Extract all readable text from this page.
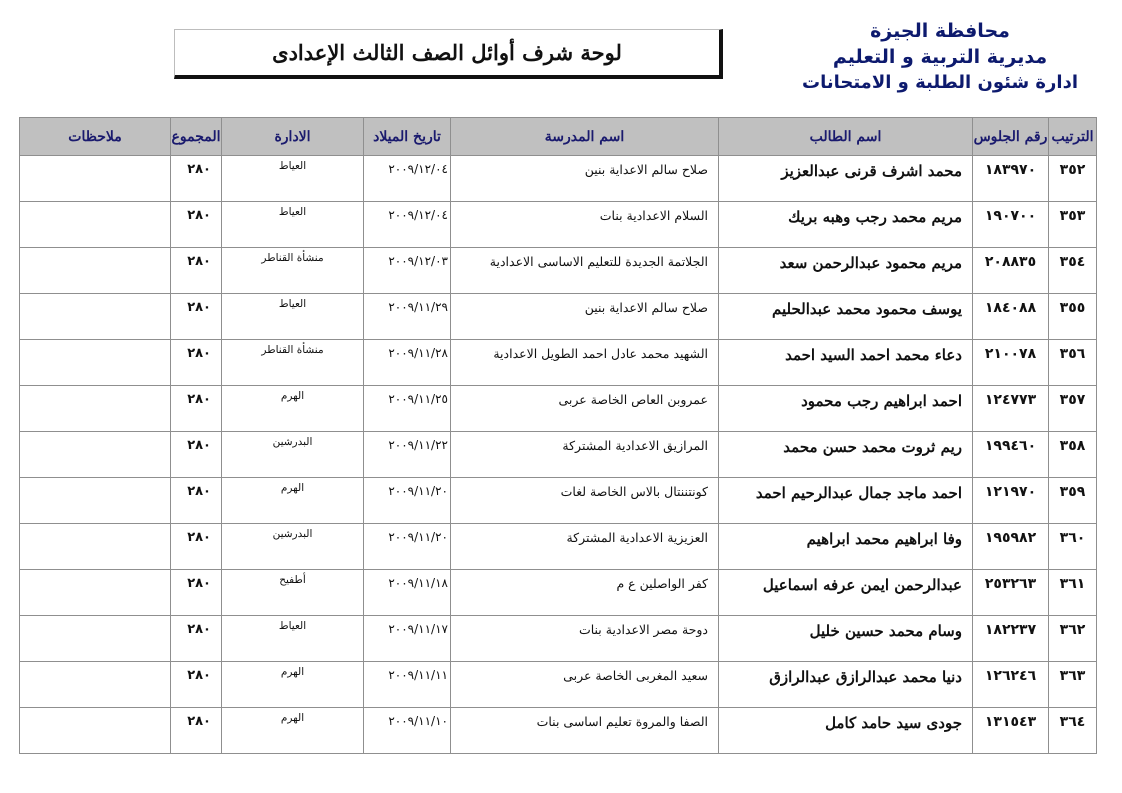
محافظة الجيزة
مديرية التربية و التعليم
ادارة شئون الطلبة و الامتحانات
لوحة شرف أوائل الصف الثالث الإعدادى
الترتيب	رقم الجلوس	اسم الطالب	اسم المدرسة	تاريخ الميلاد	الادارة	المجموع	ملاحظات

٣٥٢	١٨٣٩٧٠	محمد اشرف قرنى عبدالعزيز	صلاح سالم الاعداية بنين	٢٠٠٩/١٢/٠٤	العياط	٢٨٠	

٣٥٣	١٩٠٧٠٠	مريم محمد رجب وهبه بريك	السلام الاعدادية بنات	٢٠٠٩/١٢/٠٤	العياط	٢٨٠	

٣٥٤	٢٠٨٨٣٥	مريم محمود عبدالرحمن سعد	الجلاتمة الجديدة للتعليم الاساسى الاعدادية	٢٠٠٩/١٢/٠٣	منشأة القناطر	٢٨٠	

٣٥٥	١٨٤٠٨٨	يوسف محمود محمد عبدالحليم	صلاح سالم الاعداية بنين	٢٠٠٩/١١/٢٩	العياط	٢٨٠	

٣٥٦	٢١٠٠٧٨	دعاء محمد احمد السيد احمد	الشهيد محمد عادل احمد الطويل الاعدادية	٢٠٠٩/١١/٢٨	منشأة القناطر	٢٨٠	

٣٥٧	١٢٤٧٧٣	احمد ابراهيم رجب محمود	عمروبن العاص الخاصة عربى	٢٠٠٩/١١/٢٥	الهرم	٢٨٠	

٣٥٨	١٩٩٤٦٠	ريم ثروت محمد حسن محمد	المرازيق الاعدادية المشتركة	٢٠٠٩/١١/٢٢	البدرشين	٢٨٠	

٣٥٩	١٢١٩٧٠	احمد ماجد جمال عبدالرحيم احمد	كونتننتال بالاس الخاصة لغات	٢٠٠٩/١١/٢٠	الهرم	٢٨٠	

٣٦٠	١٩٥٩٨٢	وفا ابراهيم محمد ابراهيم	العزيزية الاعدادية المشتركة	٢٠٠٩/١١/٢٠	البدرشين	٢٨٠	

٣٦١	٢٥٣٢٦٣	عبدالرحمن ايمن عرفه اسماعيل	كفر الواصلين ع م	٢٠٠٩/١١/١٨	أطفيح	٢٨٠	

٣٦٢	١٨٢٢٣٧	وسام محمد حسين خليل	دوحة مصر الاعدادية بنات	٢٠٠٩/١١/١٧	العياط	٢٨٠	

٣٦٣	١٢٦٢٤٦	دنيا محمد عبدالرازق عبدالرازق	سعيد المغربى الخاصة عربى	٢٠٠٩/١١/١١	الهرم	٢٨٠	

٣٦٤	١٣١٥٤٣	جودى سيد حامد كامل	الصفا والمروة تعليم اساسى بنات	٢٠٠٩/١١/١٠	الهرم	٢٨٠	
